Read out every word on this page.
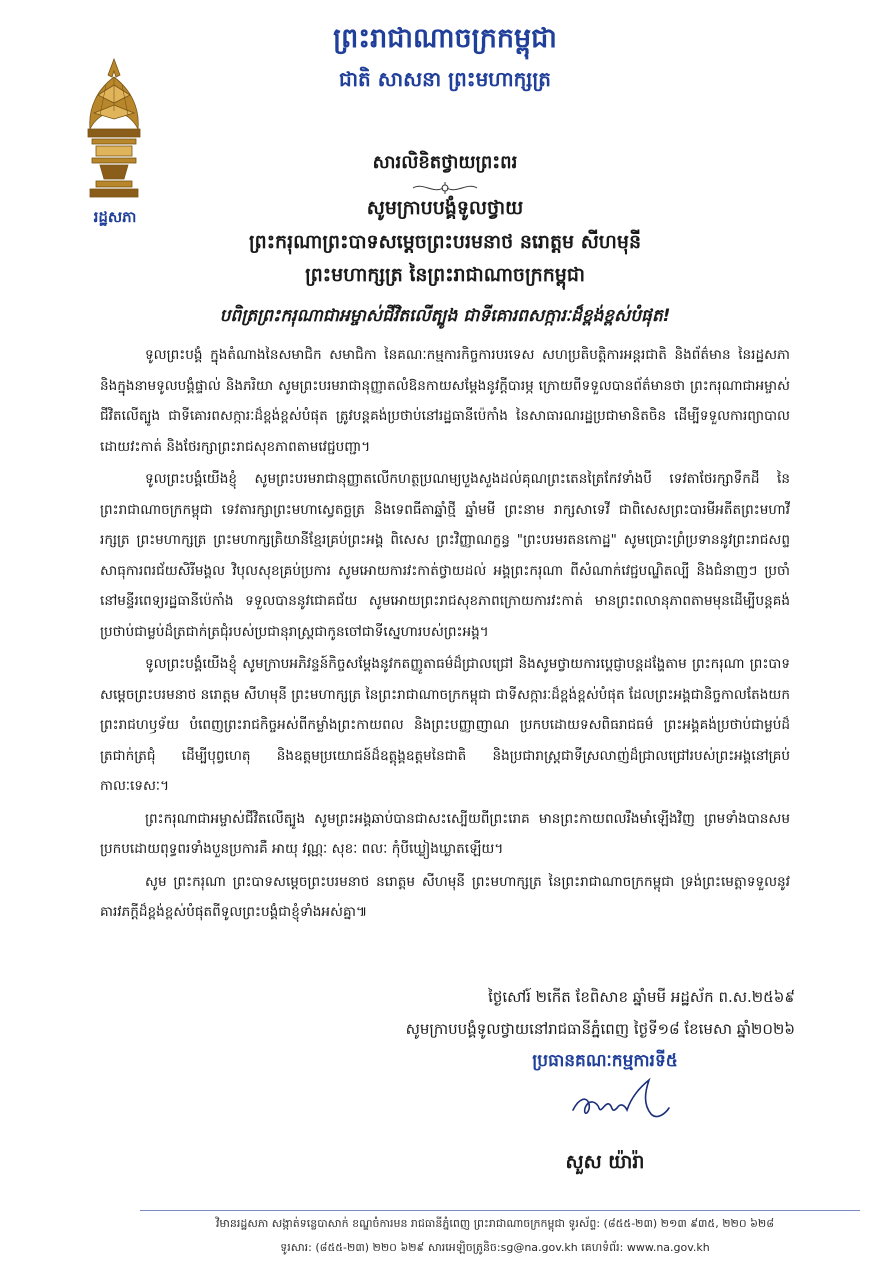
រដ្ឋសភា
ព្រះរាជាណាចក្រកម្ពុជា
ជាតិ សាសនា ព្រះមហាក្សត្រ
សារលិខិតថ្វាយព្រះពរ
សូមក្រាបបង្គំទូលថ្វាយ
ព្រះករុណាព្រះបាទសម្តេចព្រះបរមនាថ នរោត្តម សីហមុនី
ព្រះមហាក្សត្រ នៃព្រះរាជាណាចក្រកម្ពុជា
បពិត្រព្រះករុណាជាអម្ចាស់ជីវិតលើត្បូង ជាទីគោរពសក្ការៈដ៏ខ្ពង់ខ្ពស់បំផុត!

ទូលព្រះបង្គំ ក្នុងតំណាងនៃសមាជិក សមាជិកា នៃគណៈកម្មការកិច្ចការបរទេស សហប្រតិបត្តិការអន្តរជាតិ និងព័ត៌មាន នៃរដ្ឋសភា និងក្នុងនាមទូលបង្គំផ្ទាល់ និងភរិយា សូមព្រះបរមរាជានុញ្ញាតលំឱនកាយសម្តែងនូវក្តីបារម្ភ ក្រោយពីទទួលបានព័ត៌មានថា ព្រះករុណាជាអម្ចាស់ជីវិតលើត្បូង ជាទីគោរពសក្ការៈដ៏ខ្ពង់ខ្ពស់បំផុត ត្រូវបន្តគង់ប្រថាប់នៅរដ្ឋធានីប៉េកាំង នៃសាធារណរដ្ឋប្រជាមានិតចិន ដើម្បីទទួលការព្យាបាលដោយវះកាត់ និងថែរក្សាព្រះរាជសុខភាពតាមវេជ្ជបញ្ជា។

ទូលព្រះបង្គំយើងខ្ញុំ សូមព្រះបរមរាជានុញ្ញាតលើកហត្ថប្រណម្យបួងសួងដល់គុណព្រះតេនត្រៃកែវទាំងបី ទេវតាថែរក្សាទឹកដី នៃព្រះរាជាណាចក្រកម្ពុជា ទេវតារក្សាព្រះមហាស្វេតច្ឆត្រ និងទេពធីតាឆ្នាំថ្មី ឆ្នាំមមី ព្រះនាម រាក្សសាទេវី ជាពិសេសព្រះបារមីអតីតព្រះមហាវីរក្សត្រ ព្រះមហាក្សត្រ ព្រះមហាក្សត្រិយានីខ្មែរគ្រប់ព្រះអង្គ ពិសេស ព្រះវិញ្ញាណក្ខន្ធ "ព្រះបរមរតនកោដ្ឋ" សូមប្រោះព្រំប្រទាននូវព្រះរាជសព្ទសាធុការពរជ័យសិរីមង្គល វិបុលសុខគ្រប់ប្រការ សូមអោយការវះកាត់ថ្វាយដល់ អង្គព្រះករុណា ពីសំណាក់វេជ្ជបណ្ឌិតល្បី និងជំនាញៗ ប្រចាំនៅមន្ទីរពេទ្យរដ្ឋធានីប៉េកាំង ទទួលបាននូវជោគជ័យ សូមអោយព្រះរាជសុខភាពក្រោយការវះកាត់ មានព្រះពលានុភាពតាមមុនដើម្បីបន្តគង់ប្រថាប់ជាម្លប់ដ៏ត្រជាក់ត្រជុំរបស់ប្រជានុរាស្ត្រជាកូនចៅជាទីស្នេហារបស់ព្រះអង្គ។

ទូលព្រះបង្គំយើងខ្ញុំ សូមក្រាបអភិវន្ទន៍កិច្ចសម្តែងនូវកតញ្ញូតាធម៌ដ៏ជ្រាលជ្រៅ និងសូមថ្វាយការប្តេជ្ញាបន្តដង្ហែតាម ព្រះករុណា ព្រះបាទសម្តេចព្រះបរមនាថ នរោត្តម សីហមុនី ព្រះមហាក្សត្រ នៃព្រះរាជាណាចក្រកម្ពុជា ជាទីសក្ការៈដ៏ខ្ពង់ខ្ពស់បំផុត ដែលព្រះអង្គជានិច្ចកាលតែងយកព្រះរាជហឫទ័យ បំពេញព្រះរាជកិច្ចអស់ពីកម្លាំងព្រះកាយពល និងព្រះបញ្ញាញាណ ប្រកបដោយទសពិធរាជធម៌ ព្រះអង្គគង់ប្រថាប់ជាម្លប់ដ៏ត្រជាក់ត្រជុំ ដើម្បីបុព្វហេតុ និងឧត្តមប្រយោជន៍ដ៏ឧត្តុង្គឧត្តមនៃជាតិ និងប្រជារាស្ត្រជាទីស្រលាញ់ដ៏ជ្រាលជ្រៅរបស់ព្រះអង្គនៅគ្រប់កាលៈទេសៈ។

ព្រះករុណាជាអម្ចាស់ជីវិតលើត្បូង សូមព្រះអង្គឆាប់បានជាសះស្បើយពីព្រះរោគ មានព្រះកាយពលរឹងមាំឡើងវិញ ព្រមទាំងបានសមប្រកបដោយពុទ្ធពរទាំងបួនប្រការគឺ អាយុ វណ្ណៈ សុខៈ ពលៈ កុំបីឃ្លៀងឃ្លាតឡើយ។

សូម ព្រះករុណា ព្រះបាទសម្តេចព្រះបរមនាថ នរោត្តម សីហមុនី ព្រះមហាក្សត្រ នៃព្រះរាជាណាចក្រកម្ពុជា ទ្រង់ព្រះមេត្តាទទួលនូវគារវភក្តីដ៏ខ្ពង់ខ្ពស់បំផុតពីទូលព្រះបង្គំជាខ្ញុំទាំងអស់គ្នា៕

ថ្ងៃសៅរ៍ ២កើត ខែពិសាខ ឆ្នាំមមី អដ្ឋស័ក ព.ស.២៥៦៩
សូមក្រាបបង្គំទូលថ្វាយនៅរាជធានីភ្នំពេញ ថ្ងៃទី១៨ ខែមេសា ឆ្នាំ២០២៦
ប្រធានគណៈកម្មការទី៥
សួស យ៉ារ៉ា
វិមានរដ្ឋសភា សង្កាត់ទន្លេបាសាក់ ខណ្ឌចំការមន រាជធានីភ្នំពេញ ព្រះរាជាណាចក្រកម្ពុជា ទូរស័ព្ទ: (៨៥៥-២៣) ២១៣ ៩៣៥, ២២០ ៦២៨
ទូរសារ: (៨៥៥-២៣) ២២០ ៦២៩ សារអេឡិចត្រូនិច:sg@na.gov.kh គេហទំព័រ: www.na.gov.kh
